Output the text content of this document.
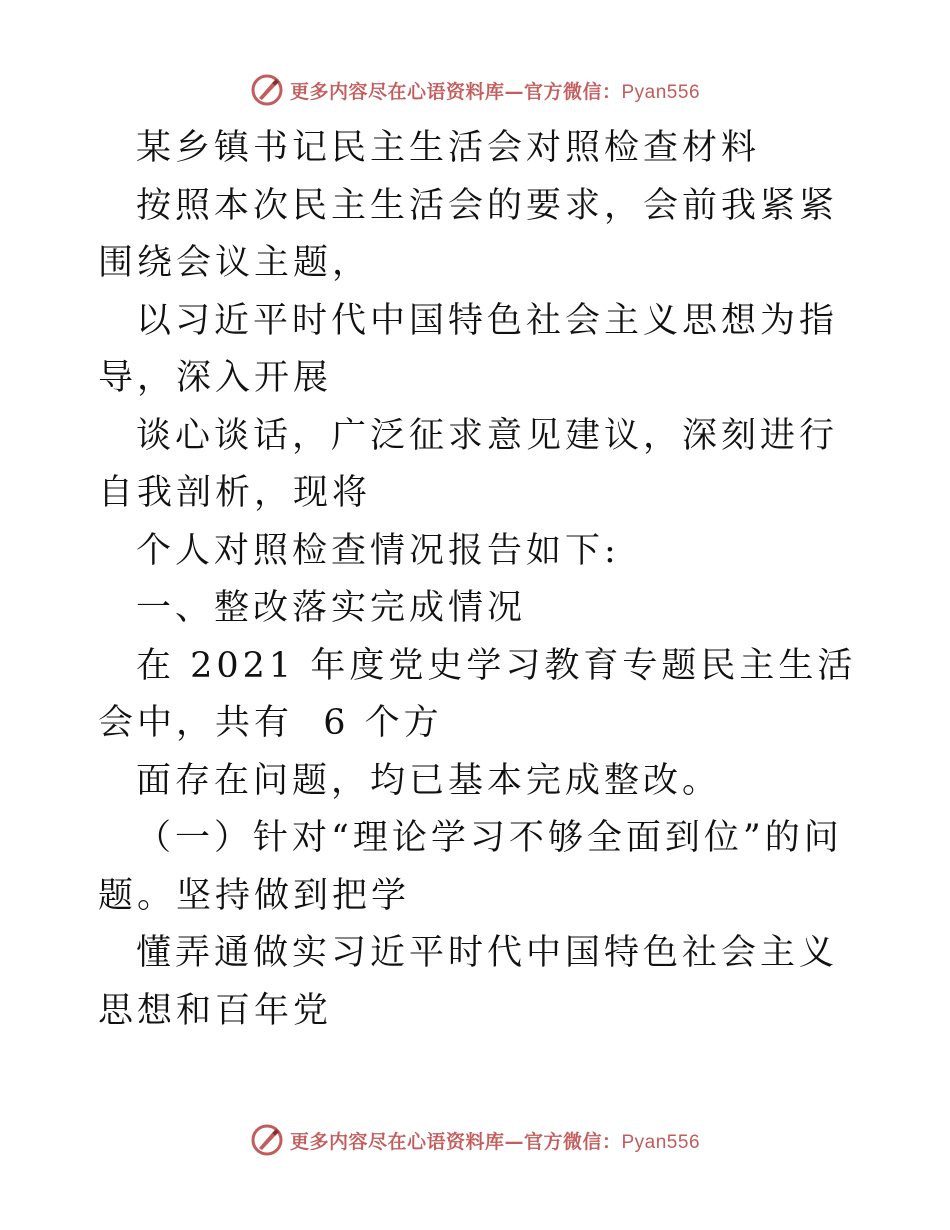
更多内容尽在心语资料库—官方微信：Pyan556

某乡镇书记民主生活会对照检查材料

按照本次民主生活会的要求，会前我紧紧围绕会议主题，

以习近平时代中国特色社会主义思想为指导，深入开展

谈心谈话，广泛征求意见建议，深刻进行自我剖析，现将

个人对照检查情况报告如下:

一、整改落实完成情况

在 2021 年度党史学习教育专题民主生活会中，共有  6 个方

面存在问题，均已基本完成整改。

（一）针对“理论学习不够全面到位”的问题。坚持做到把学

懂弄通做实习近平时代中国特色社会主义思想和百年党

更多内容尽在心语资料库—官方微信：Pyan556
